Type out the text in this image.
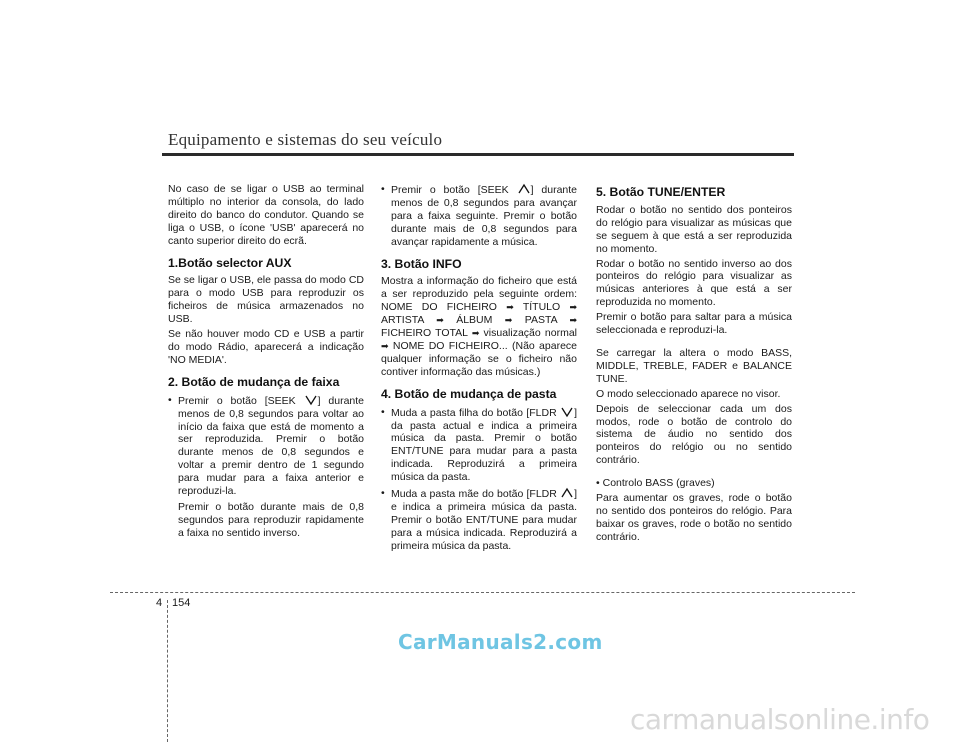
Equipamento e sistemas do seu veículo

No caso de se ligar o USB ao terminal múltiplo no interior da consola, do lado direito do banco do condutor. Quando se liga o USB, o ícone 'USB' aparecerá no canto superior direito do ecrã.

1.Botão selector AUX

Se se ligar o USB, ele passa do modo CD para o modo USB para reproduzir os ficheiros de música armazenados no USB.

Se não houver modo CD e USB a partir do modo Rádio, aparecerá a indicação 'NO MEDIA'.

2. Botão de mudança de faixa
• Premir o botão [SEEK ] durante menos de 0,8 segundos para voltar ao início da faixa que está de momento a ser reproduzida. Premir o botão durante menos de 0,8 segundos e voltar a premir dentro de 1 segundo para mudar para a faixa anterior e reproduzi-la.
Premir o botão durante mais de 0,8 segundos para reproduzir rapidamente a faixa no sentido inverso.
• Premir o botão [SEEK ] durante menos de 0,8 segundos para avançar para a faixa seguinte. Premir o botão durante mais de 0,8 segundos para avançar rapidamente a música.
3. Botão INFO

Mostra a informação do ficheiro que está a ser reproduzido pela seguinte ordem: NOME DO FICHEIRO ➡ TÍTULO ➡ ARTISTA ➡ ÁLBUM ➡ PASTA ➡ FICHEIRO TOTAL ➡ visualização normal ➡ NOME DO FICHEIRO... (Não aparece qualquer informação se o ficheiro não contiver informação das músicas.)

4. Botão de mudança de pasta
• Muda a pasta filha do botão [FLDR ] da pasta actual e indica a primeira música da pasta. Premir o botão ENT/TUNE para mudar para a pasta indicada. Reproduzirá a primeira música da pasta.
• Muda a pasta mãe do botão [FLDR ] e indica a primeira música da pasta. Premir o botão ENT/TUNE para mudar para a música indicada. Reproduzirá a primeira música da pasta.
5. Botão TUNE/ENTER

Rodar o botão no sentido dos ponteiros do relógio para visualizar as músicas que se seguem à que está a ser reproduzida no momento.

Rodar o botão no sentido inverso ao dos ponteiros do relógio para visualizar as músicas anteriores à que está a ser reproduzida no momento.

Premir o botão para saltar para a música seleccionada e reproduzi-la.

Se carregar la altera o modo BASS, MIDDLE, TREBLE, FADER e BALANCE TUNE.

O modo seleccionado aparece no visor.

Depois de seleccionar cada um dos modos, rode o botão de controlo do sistema de áudio no sentido dos ponteiros do relógio ou no sentido contrário.

• Controlo BASS (graves)

Para aumentar os graves, rode o botão no sentido dos ponteiros do relógio. Para baixar os graves, rode o botão no sentido contrário.

4 154
CarManuals2.com
carmanualsonline.info
